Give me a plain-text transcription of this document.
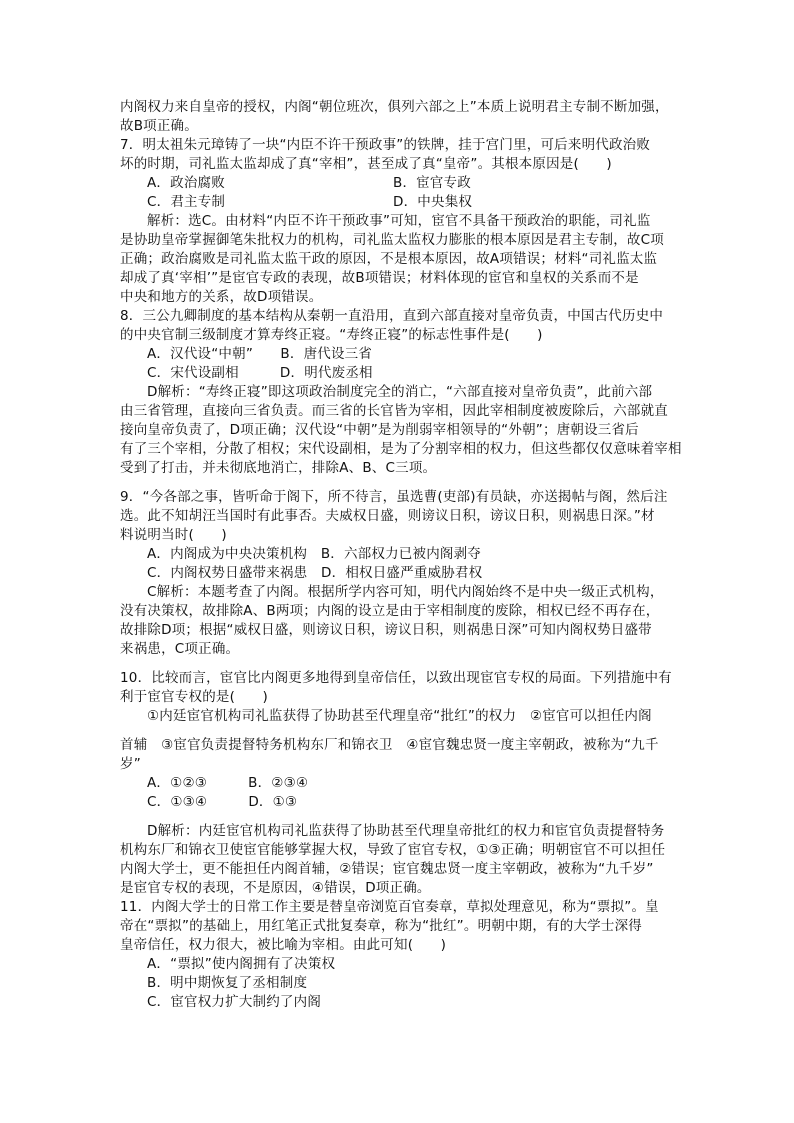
内阁权力来自皇帝的授权，内阁“朝位班次，俱列六部之上”本质上说明君主专制不断加强，
故B项正确。
7．明太祖朱元璋铸了一块“内臣不许干预政事”的铁牌，挂于宫门里，可后来明代政治败
坏的时期，司礼监太监却成了真“宰相”，甚至成了真“皇帝”。其根本原因是(　　)
A．政治腐败	B．宦官专政
C．君主专制	D．中央集权
解析：选C。由材料“内臣不许干预政事”可知，宦官不具备干预政治的职能，司礼监
是协助皇帝掌握御笔朱批权力的机构，司礼监太监权力膨胀的根本原因是君主专制，故C项
正确；政治腐败是司礼监太监干政的原因，不是根本原因，故A项错误；材料“司礼监太监
却成了真‘宰相’”是宦官专政的表现，故B项错误；材料体现的宦官和皇权的关系而不是
中央和地方的关系，故D项错误。
8．三公九卿制度的基本结构从秦朝一直沿用，直到六部直接对皇帝负责，中国古代历史中
的中央官制三级制度才算寿终正寝。“寿终正寝”的标志性事件是(　　)
A．汉代设“中朝”　　B．唐代设三省
C．宋代设副相　　　D．明代废丞相
D解析：“寿终正寝”即这项政治制度完全的消亡，“六部直接对皇帝负责”，此前六部
由三省管理，直接向三省负责。而三省的长官皆为宰相，因此宰相制度被废除后，六部就直
接向皇帝负责了，D项正确；汉代设“中朝”是为削弱宰相领导的“外朝”；唐朝设三省后
有了三个宰相，分散了相权；宋代设副相，是为了分割宰相的权力，但这些都仅仅意味着宰相
受到了打击，并未彻底地消亡，排除A、B、C三项。
9．“今各部之事，皆听命于阁下，所不待言，虽选曹(吏部)有员缺，亦送揭帖与阁，然后注
选。此不知胡汪当国时有此事否。夫威权日盛，则谤议日积，谤议日积，则祸患日深。”材
料说明当时(　　)
A．内阁成为中央决策机构　B．六部权力已被内阁剥夺
C．内阁权势日盛带来祸患　D．相权日盛严重威胁君权
C解析：本题考查了内阁。根据所学内容可知，明代内阁始终不是中央一级正式机构，
没有决策权，故排除A、B两项；内阁的设立是由于宰相制度的废除，相权已经不再存在，
故排除D项；根据“威权日盛，则谤议日积，谤议日积，则祸患日深”可知内阁权势日盛带
来祸患，C项正确。
10．比较而言，宦官比内阁更多地得到皇帝信任，以致出现宦官专权的局面。下列措施中有
利于宦官专权的是(　　)
①内廷宦官机构司礼监获得了协助甚至代理皇帝“批红”的权力　②宦官可以担任内阁
首辅　③宦官负责提督特务机构东厂和锦衣卫　④宦官魏忠贤一度主宰朝政，被称为“九千
岁”
A．①②③　　　B．②③④
C．①③④　　　D．①③
D解析：内廷宦官机构司礼监获得了协助甚至代理皇帝批红的权力和宦官负责提督特务
机构东厂和锦衣卫使宦官能够掌握大权，导致了宦官专权，①③正确；明朝宦官不可以担任
内阁大学士，更不能担任内阁首辅，②错误；宦官魏忠贤一度主宰朝政，被称为“九千岁”
是宦官专权的表现，不是原因，④错误，D项正确。
11．内阁大学士的日常工作主要是替皇帝浏览百官奏章，草拟处理意见，称为“票拟”。皇
帝在“票拟”的基础上，用红笔正式批复奏章，称为“批红”。明朝中期，有的大学士深得
皇帝信任，权力很大，被比喻为宰相。由此可知(　　)
A．“票拟”使内阁拥有了决策权
B．明中期恢复了丞相制度
C．宦官权力扩大制约了内阁
